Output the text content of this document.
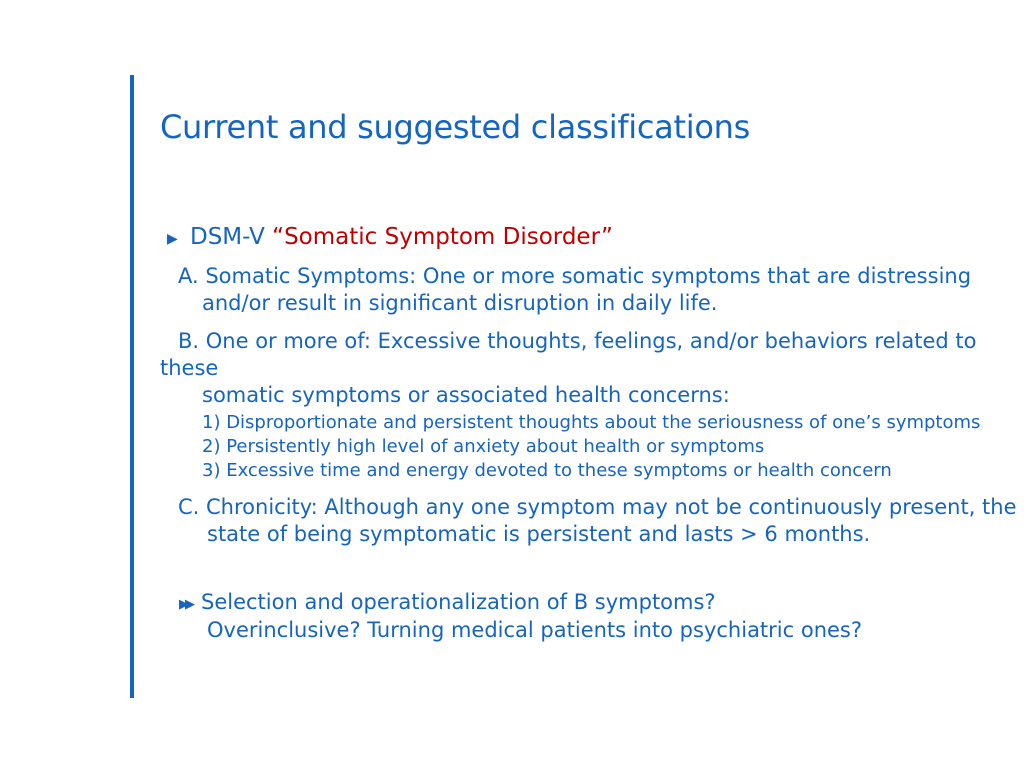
Current and suggested classifications
▶ DSM-V “Somatic Symptom Disorder”
A. Somatic Symptoms: One or more somatic symptoms that are distressing
and/or result in significant disruption in daily life.
B. One or more of: Excessive thoughts, feelings, and/or behaviors related to
these
somatic symptoms or associated health concerns:
1) Disproportionate and persistent thoughts about the seriousness of one’s symptoms
2) Persistently high level of anxiety about health or symptoms
3) Excessive time and energy devoted to these symptoms or health concern
C. Chronicity: Although any one symptom may not be continuously present, the
state of being symptomatic is persistent and lasts > 6 months.
▶▶ Selection and operationalization of B symptoms?
Overinclusive? Turning medical patients into psychiatric ones?
